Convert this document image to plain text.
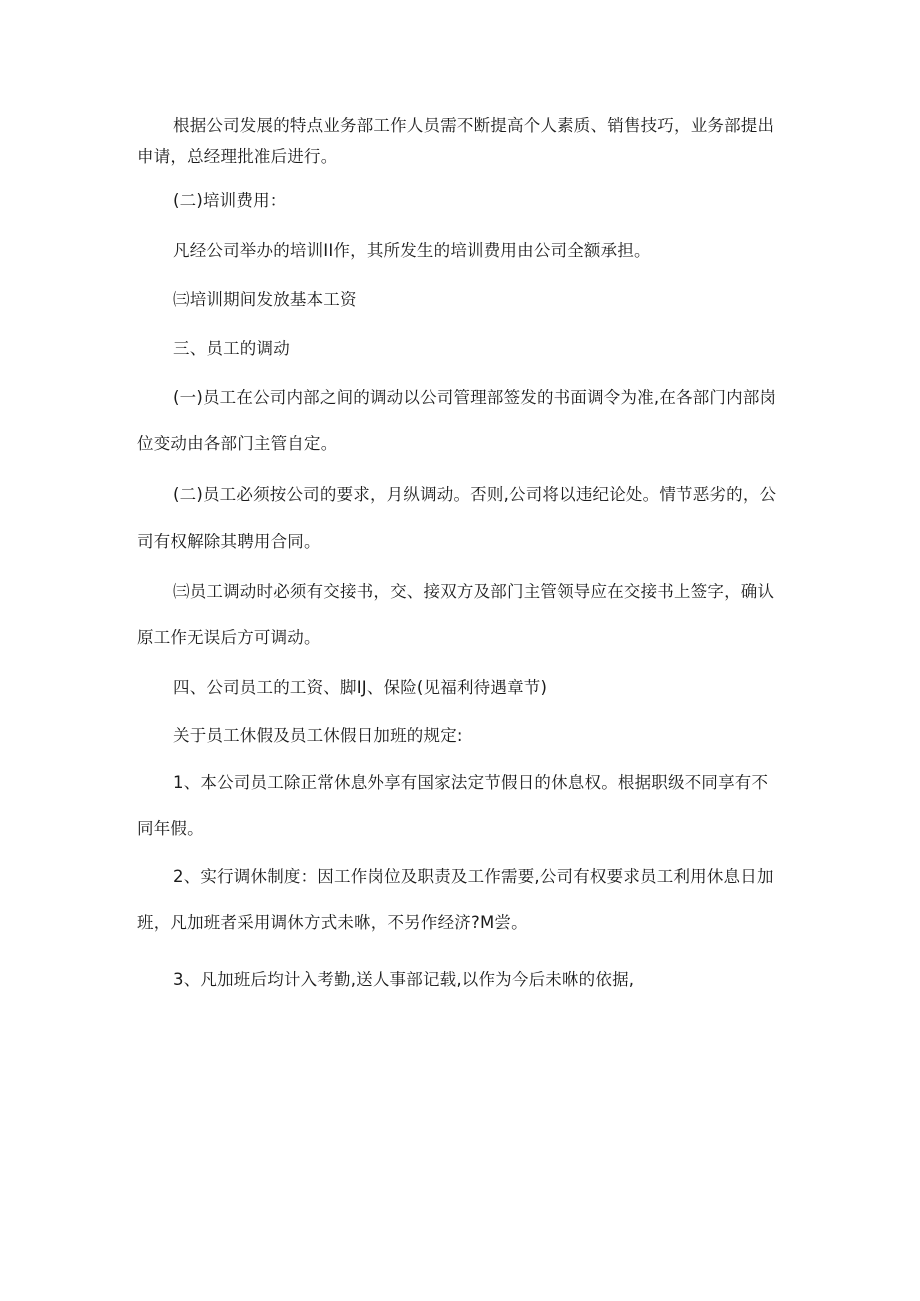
根据公司发展的特点业务部工作人员需不断提高个人素质、销售技巧，业务部提出
申请，总经理批准后进行。
(二)培训费用：
凡经公司举办的培训II作，其所发生的培训费用由公司全额承担。
㈢培训期间发放基本工资
三、员工的调动
(一)员工在公司内部之间的调动以公司管理部签发的书面调令为准,在各部门内部岗
位变动由各部门主管自定。
(二)员工必须按公司的要求，月纵调动。否则,公司将以违纪论处。情节恶劣的，公
司有权解除其聘用合同。
㈢员工调动时必须有交接书，交、接双方及部门主管领导应在交接书上签字，确认
原工作无误后方可调动。
四、公司员工的工资、脚IJ、保险(见福利待遇章节)
关于员工休假及员工休假日加班的规定:
1、本公司员工除正常休息外享有国家法定节假日的休息权。根据职级不同享有不
同年假。
2、实行调休制度：因工作岗位及职责及工作需要,公司有权要求员工利用休息日加
班，凡加班者采用调休方式未咻，不另作经济?M尝。
3、凡加班后均计入考勤,送人事部记载,以作为今后未咻的依据,
